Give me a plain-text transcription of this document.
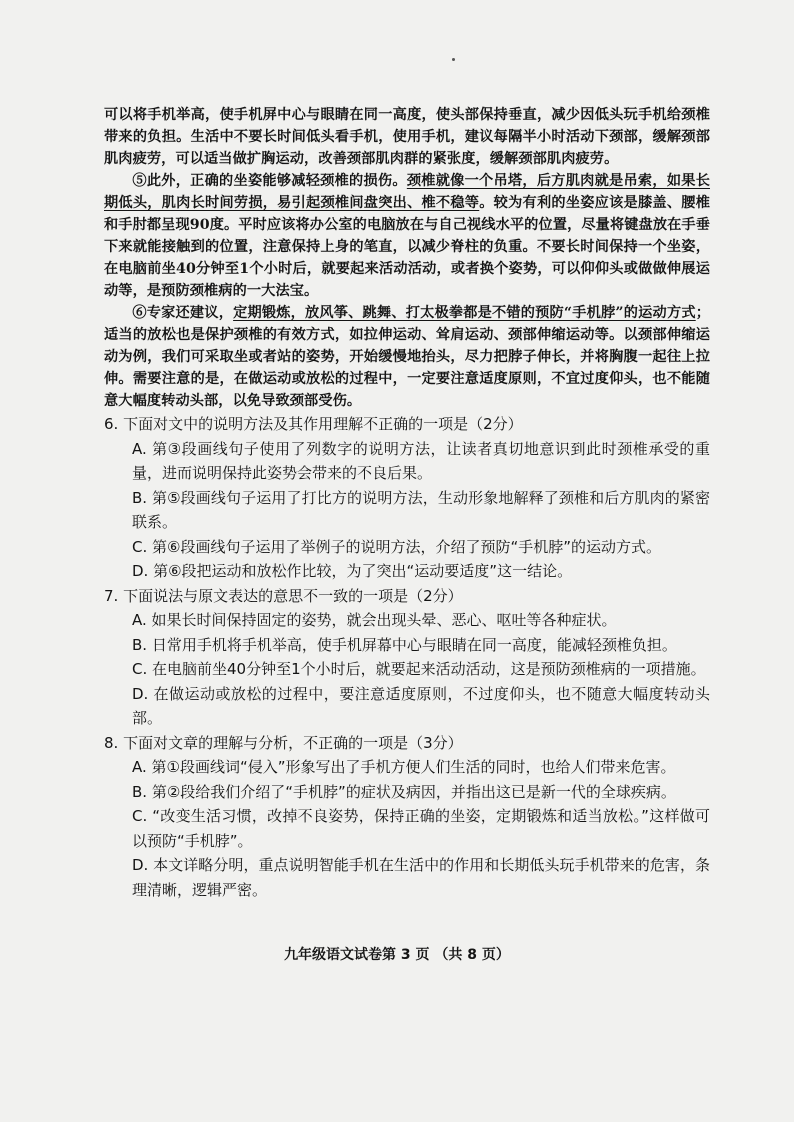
可以将手机举高，使手机屏中心与眼睛在同一高度，使头部保持垂直，减少因低头玩手机给颈椎带来的负担。生活中不要长时间低头看手机，使用手机，建议每隔半小时活动下颈部，缓解颈部肌肉疲劳，可以适当做扩胸运动，改善颈部肌肉群的紧张度，缓解颈部肌肉疲劳。

⑤此外，正确的坐姿能够减轻颈椎的损伤。颈椎就像一个吊塔，后方肌肉就是吊索，如果长期低头，肌肉长时间劳损，易引起颈椎间盘突出、椎不稳等。较为有利的坐姿应该是膝盖、腰椎和手肘都呈现90度。平时应该将办公室的电脑放在与自己视线水平的位置，尽量将键盘放在手垂下来就能接触到的位置，注意保持上身的笔直，以减少脊柱的负重。不要长时间保持一个坐姿，在电脑前坐40分钟至1个小时后，就要起来活动活动，或者换个姿势，可以仰仰头或做做伸展运动等，是预防颈椎病的一大法宝。

⑥专家还建议，定期锻炼，放风筝、跳舞、打太极拳都是不错的预防“手机脖”的运动方式；适当的放松也是保护颈椎的有效方式，如拉伸运动、耸肩运动、颈部伸缩运动等。以颈部伸缩运动为例，我们可采取坐或者站的姿势，开始缓慢地抬头，尽力把脖子伸长，并将胸腹一起往上拉伸。需要注意的是，在做运动或放松的过程中，一定要注意适度原则，不宜过度仰头，也不能随意大幅度转动头部，以免导致颈部受伤。

6. 下面对文中的说明方法及其作用理解不正确的一项是（2分）

A. 第③段画线句子使用了列数字的说明方法，让读者真切地意识到此时颈椎承受的重量，进而说明保持此姿势会带来的不良后果。

B. 第⑤段画线句子运用了打比方的说明方法，生动形象地解释了颈椎和后方肌肉的紧密联系。

C. 第⑥段画线句子运用了举例子的说明方法，介绍了预防“手机脖”的运动方式。

D. 第⑥段把运动和放松作比较，为了突出“运动要适度”这一结论。

7. 下面说法与原文表达的意思不一致的一项是（2分）

A. 如果长时间保持固定的姿势，就会出现头晕、恶心、呕吐等各种症状。

B. 日常用手机将手机举高，使手机屏幕中心与眼睛在同一高度，能减轻颈椎负担。

C. 在电脑前坐40分钟至1个小时后，就要起来活动活动，这是预防颈椎病的一项措施。

D. 在做运动或放松的过程中，要注意适度原则，不过度仰头，也不随意大幅度转动头部。

8. 下面对文章的理解与分析，不正确的一项是（3分）

A. 第①段画线词“侵入”形象写出了手机方便人们生活的同时，也给人们带来危害。

B. 第②段给我们介绍了“手机脖”的症状及病因，并指出这已是新一代的全球疾病。

C. “改变生活习惯，改掉不良姿势，保持正确的坐姿，定期锻炼和适当放松。”这样做可以预防“手机脖”。

D. 本文详略分明，重点说明智能手机在生活中的作用和长期低头玩手机带来的危害，条理清晰，逻辑严密。

九年级语文试卷第 3 页 （共 8 页）
